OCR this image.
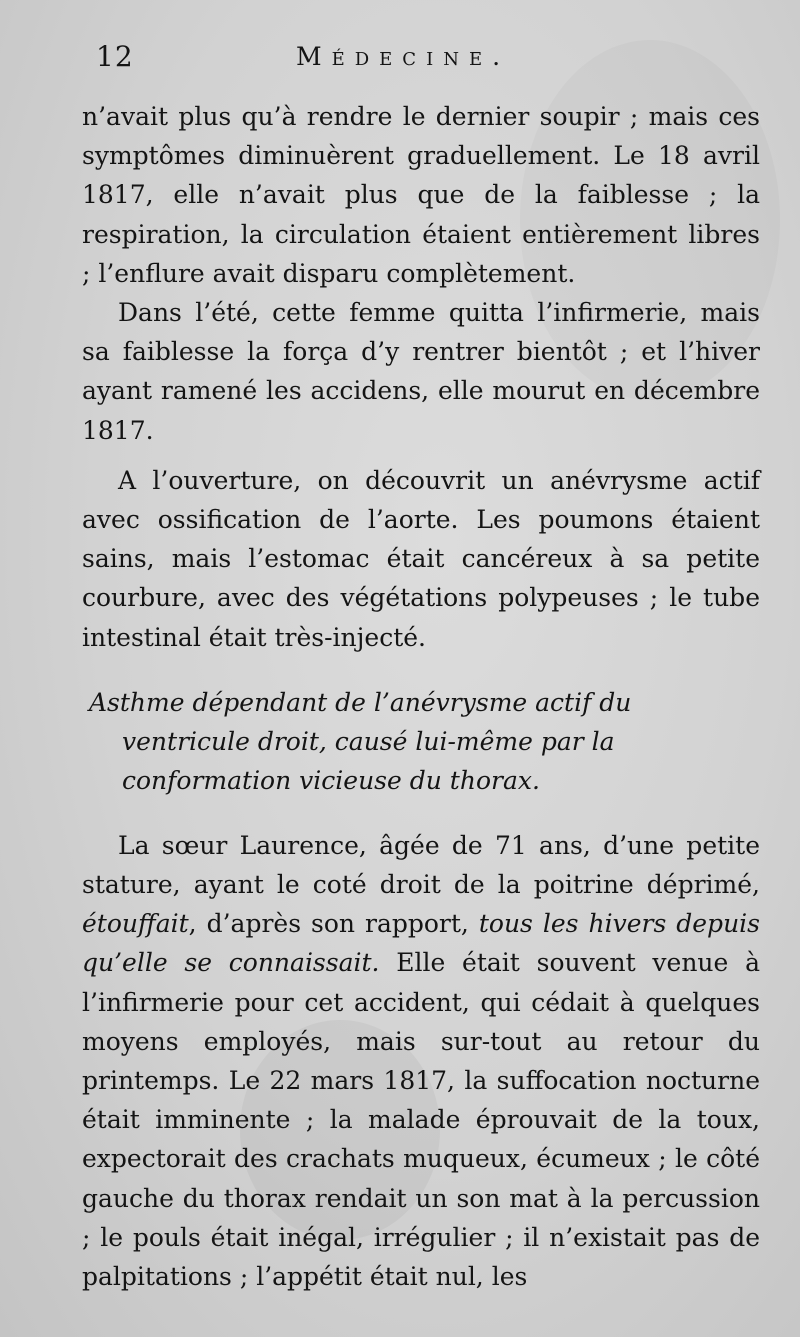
12	Médecine.

n’avait plus qu’à rendre le dernier soupir ; mais ces symptômes diminuèrent graduellement. Le 18 avril 1817, elle n’avait plus que de la faiblesse ; la respiration, la circulation étaient entièrement libres ; l’enflure avait disparu complètement.

Dans l’été, cette femme quitta l’infirmerie, mais sa faiblesse la força d’y rentrer bientôt ; et l’hiver ayant ramené les accidens, elle mourut en décembre 1817.

A l’ouverture, on découvrit un anévrysme actif avec ossification de l’aorte. Les poumons étaient sains, mais l’estomac était cancéreux à sa petite courbure, avec des végétations polypeuses ; le tube intestinal était très-injecté.

Asthme dépendant de l’anévrysme actif du ventricule droit, causé lui-même par la conformation vicieuse du thorax.

La sœur Laurence, âgée de 71 ans, d’une petite stature, ayant le coté droit de la poitrine déprimé, étouffait, d’après son rapport, tous les hivers depuis qu’elle se connaissait. Elle était souvent venue à l’infirmerie pour cet accident, qui cédait à quelques moyens employés, mais sur-tout au retour du printemps. Le 22 mars 1817, la suffocation nocturne était imminente ; la malade éprouvait de la toux, expectorait des crachats muqueux, écumeux ; le côté gauche du thorax rendait un son mat à la percussion ; le pouls était inégal, irrégulier ; il n’existait pas de palpitations ; l’appétit était nul, les
